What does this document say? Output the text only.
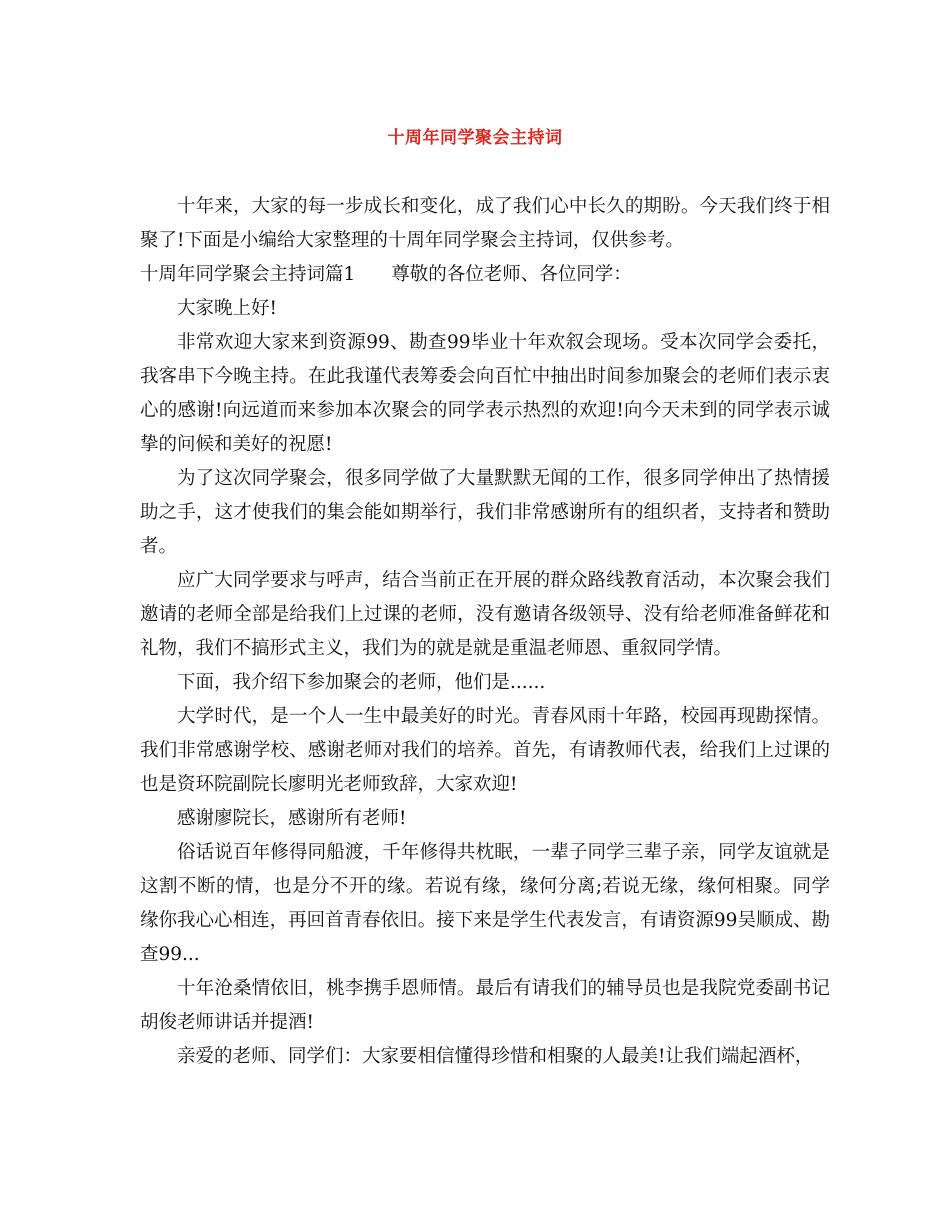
十周年同学聚会主持词

十年来，大家的每一步成长和变化，成了我们心中长久的期盼。今天我们终于相聚了!下面是小编给大家整理的十周年同学聚会主持词，仅供参考。

十周年同学聚会主持词篇1 尊敬的各位老师、各位同学：

大家晚上好!

非常欢迎大家来到资源99、勘查99毕业十年欢叙会现场。受本次同学会委托，我客串下今晚主持。在此我谨代表筹委会向百忙中抽出时间参加聚会的老师们表示衷心的感谢!向远道而来参加本次聚会的同学表示热烈的欢迎!向今天未到的同学表示诚挚的问候和美好的祝愿!

为了这次同学聚会，很多同学做了大量默默无闻的工作，很多同学伸出了热情援助之手，这才使我们的集会能如期举行，我们非常感谢所有的组织者，支持者和赞助者。

应广大同学要求与呼声，结合当前正在开展的群众路线教育活动，本次聚会我们邀请的老师全部是给我们上过课的老师，没有邀请各级领导、没有给老师准备鲜花和礼物，我们不搞形式主义，我们为的就是就是重温老师恩、重叙同学情。

下面，我介绍下参加聚会的老师，他们是......

大学时代，是一个人一生中最美好的时光。青春风雨十年路，校园再现勘探情。我们非常感谢学校、感谢老师对我们的培养。首先，有请教师代表，给我们上过课的也是资环院副院长廖明光老师致辞，大家欢迎!

感谢廖院长，感谢所有老师!

俗话说百年修得同船渡，千年修得共枕眠，一辈子同学三辈子亲，同学友谊就是这割不断的情，也是分不开的缘。若说有缘，缘何分离;若说无缘，缘何相聚。同学缘你我心心相连，再回首青春依旧。接下来是学生代表发言，有请资源99吴顺成、勘查99...

十年沧桑情依旧，桃李携手恩师情。最后有请我们的辅导员也是我院党委副书记胡俊老师讲话并提酒!

亲爱的老师、同学们：大家要相信懂得珍惜和相聚的人最美!让我们端起酒杯，
